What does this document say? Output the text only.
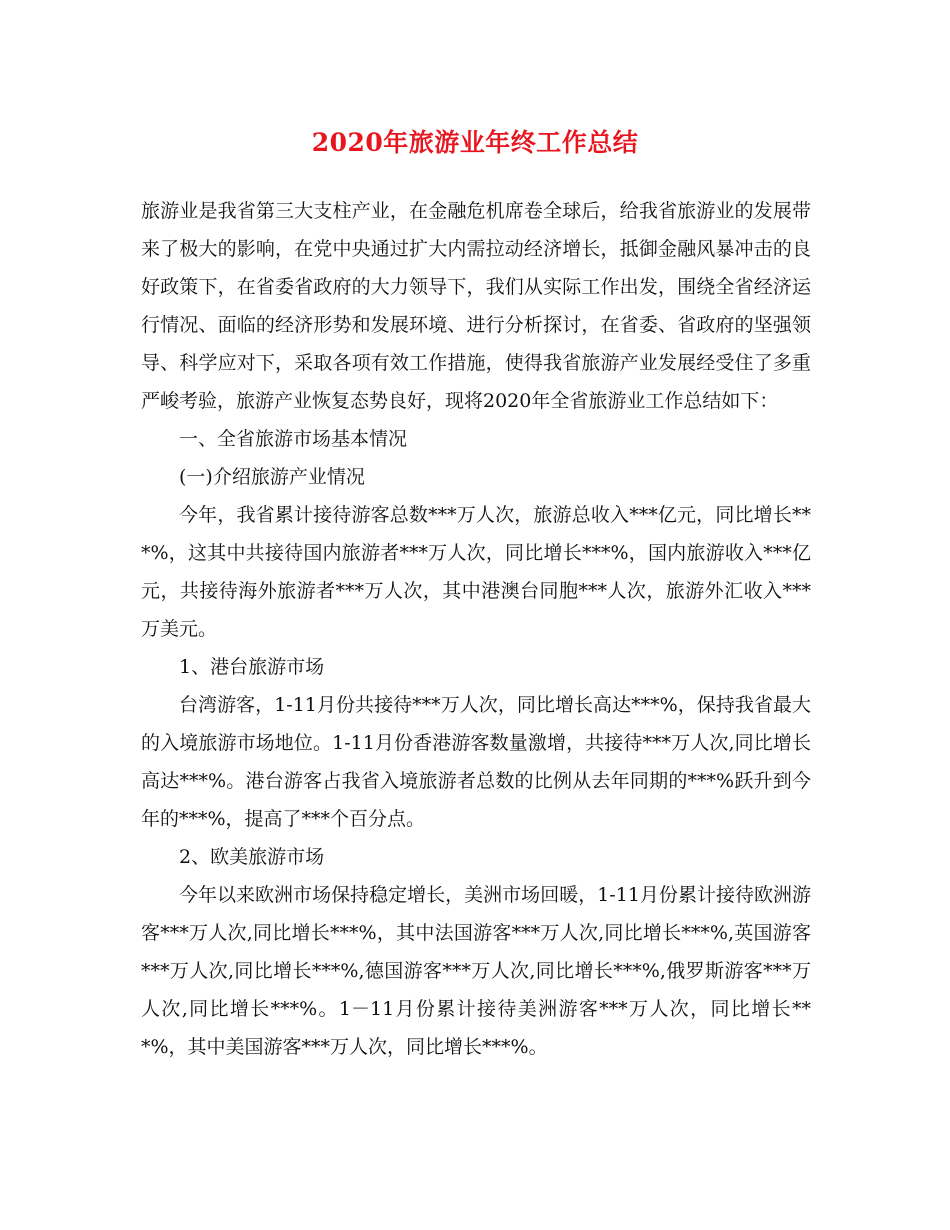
2020年旅游业年终工作总结

旅游业是我省第三大支柱产业，在金融危机席卷全球后，给我省旅游业的发展带来了极大的影响，在党中央通过扩大内需拉动经济增长，抵御金融风暴冲击的良好政策下，在省委省政府的大力领导下，我们从实际工作出发，围绕全省经济运行情况、面临的经济形势和发展环境、进行分析探讨，在省委、省政府的坚强领导、科学应对下，采取各项有效工作措施，使得我省旅游产业发展经受住了多重严峻考验，旅游产业恢复态势良好，现将2020年全省旅游业工作总结如下：

一、全省旅游市场基本情况

(一)介绍旅游产业情况

今年，我省累计接待游客总数***万人次，旅游总收入***亿元，同比增长***%，这其中共接待国内旅游者***万人次，同比增长***%，国内旅游收入***亿元，共接待海外旅游者***万人次，其中港澳台同胞***人次，旅游外汇收入***万美元。

1、港台旅游市场

台湾游客，1-11月份共接待***万人次，同比增长高达***%，保持我省最大的入境旅游市场地位。1-11月份香港游客数量激增，共接待***万人次,同比增长高达***%。港台游客占我省入境旅游者总数的比例从去年同期的***%跃升到今年的***%，提高了***个百分点。

2、欧美旅游市场

今年以来欧洲市场保持稳定增长，美洲市场回暖，1-11月份累计接待欧洲游客***万人次,同比增长***%，其中法国游客***万人次,同比增长***%,英国游客***万人次,同比增长***%,德国游客***万人次,同比增长***%,俄罗斯游客***万人次,同比增长***%。1－11月份累计接待美洲游客***万人次，同比增长***%，其中美国游客***万人次，同比增长***%。
